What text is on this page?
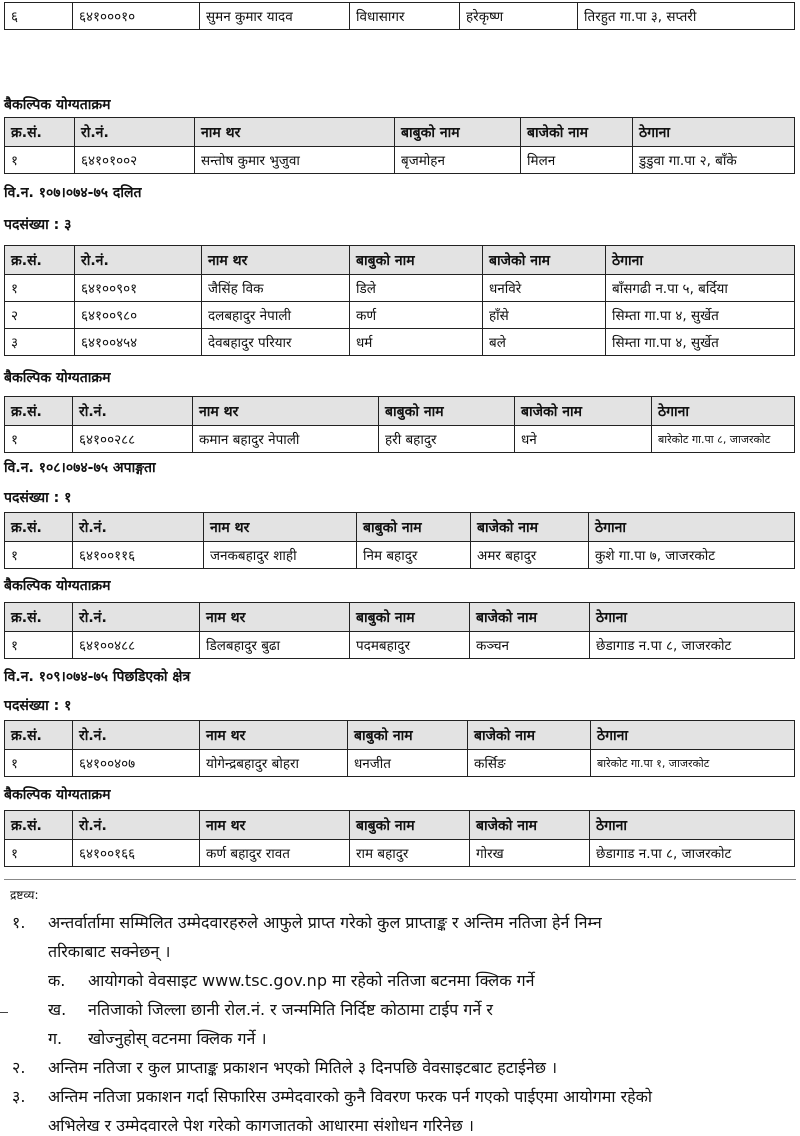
६	६४१०००१०	सुमन कुमार यादव	विधासागर	हरेकृष्ण	तिरहुत गा.पा ३, सप्तरी
बैकल्पिक योग्यताक्रम
क्र.सं.	रो.नं.	नाम थर	बाबुको नाम	बाजेको नाम	ठेगाना
१	६४१०१००२	सन्तोष कुमार भुजुवा	बृजमोहन	मिलन	डुडुवा गा.पा २, बाँके
वि.न. १०७।०७४-७५ दलित
पदसंख्या : ३
क्र.सं.	रो.नं.	नाम थर	बाबुको नाम	बाजेको नाम	ठेगाना
१	६४१००९०१	जैसिंह विक	डिले	धनविरे	बाँसगढी न.पा ५, बर्दिया
२	६४१००९८०	दलबहादुर नेपाली	कर्ण	हाँसे	सिम्ता गा.पा ४, सुर्खेत
३	६४१००४५४	देवबहादुर परियार	धर्म	बले	सिम्ता गा.पा ४, सुर्खेत
बैकल्पिक योग्यताक्रम
क्र.सं.	रो.नं.	नाम थर	बाबुको नाम	बाजेको नाम	ठेगाना
१	६४१००२८८	कमान बहादुर नेपाली	हरी बहादुर	धने	बारेकोट गा.पा ८, जाजरकोट
वि.न. १०८।०७४-७५ अपाङ्गता
पदसंख्या : १
क्र.सं.	रो.नं.	नाम थर	बाबुको नाम	बाजेको नाम	ठेगाना
१	६४१००११६	जनकबहादुर शाही	निम बहादुर	अमर बहादुर	कुशे गा.पा ७, जाजरकोट
बैकल्पिक योग्यताक्रम
क्र.सं.	रो.नं.	नाम थर	बाबुको नाम	बाजेको नाम	ठेगाना
१	६४१००४८८	डिलबहादुर बुढा	पदमबहादुर	कञ्चन	छेडागाड न.पा ८, जाजरकोट
वि.न. १०९।०७४-७५ पिछडिएको क्षेत्र
पदसंख्या : १
क्र.सं.	रो.नं.	नाम थर	बाबुको नाम	बाजेको नाम	ठेगाना
१	६४१००४०७	योगेन्द्रबहादुर बोहरा	धनजीत	कर्सिङ	बारेकोट गा.पा १, जाजरकोट
बैकल्पिक योग्यताक्रम
क्र.सं.	रो.नं.	नाम थर	बाबुको नाम	बाजेको नाम	ठेगाना
१	६४१००१६६	कर्ण बहादुर रावत	राम बहादुर	गोरख	छेडागाड न.पा ८, जाजरकोट
द्रष्टव्य:
१. अन्तर्वार्तामा सम्मिलित उम्मेदवारहरुले आफुले प्राप्त गरेको कुल प्राप्ताङ्क र अन्तिम नतिजा हेर्न निम्न
तरिकाबाट सक्नेछन् ।
क. आयोगको वेवसाइट www.tsc.gov.np मा रहेको नतिजा बटनमा क्लिक गर्ने
ख. नतिजाको जिल्ला छानी रोल.नं. र जन्ममिति निर्दिष्ट कोठामा टाईप गर्ने र
ग. खोज्नुहोस् वटनमा क्लिक गर्ने ।
२. अन्तिम नतिजा र कुल प्राप्ताङ्क प्रकाशन भएको मितिले ३ दिनपछि वेवसाइटबाट हटाईनेछ ।
३. अन्तिम नतिजा प्रकाशन गर्दा सिफारिस उम्मेदवारको कुनै विवरण फरक पर्न गएको पाईएमा आयोगमा रहेको
अभिलेख र उम्मेदवारले पेश गरेको कागजातको आधारमा संशोधन गरिनेछ ।
